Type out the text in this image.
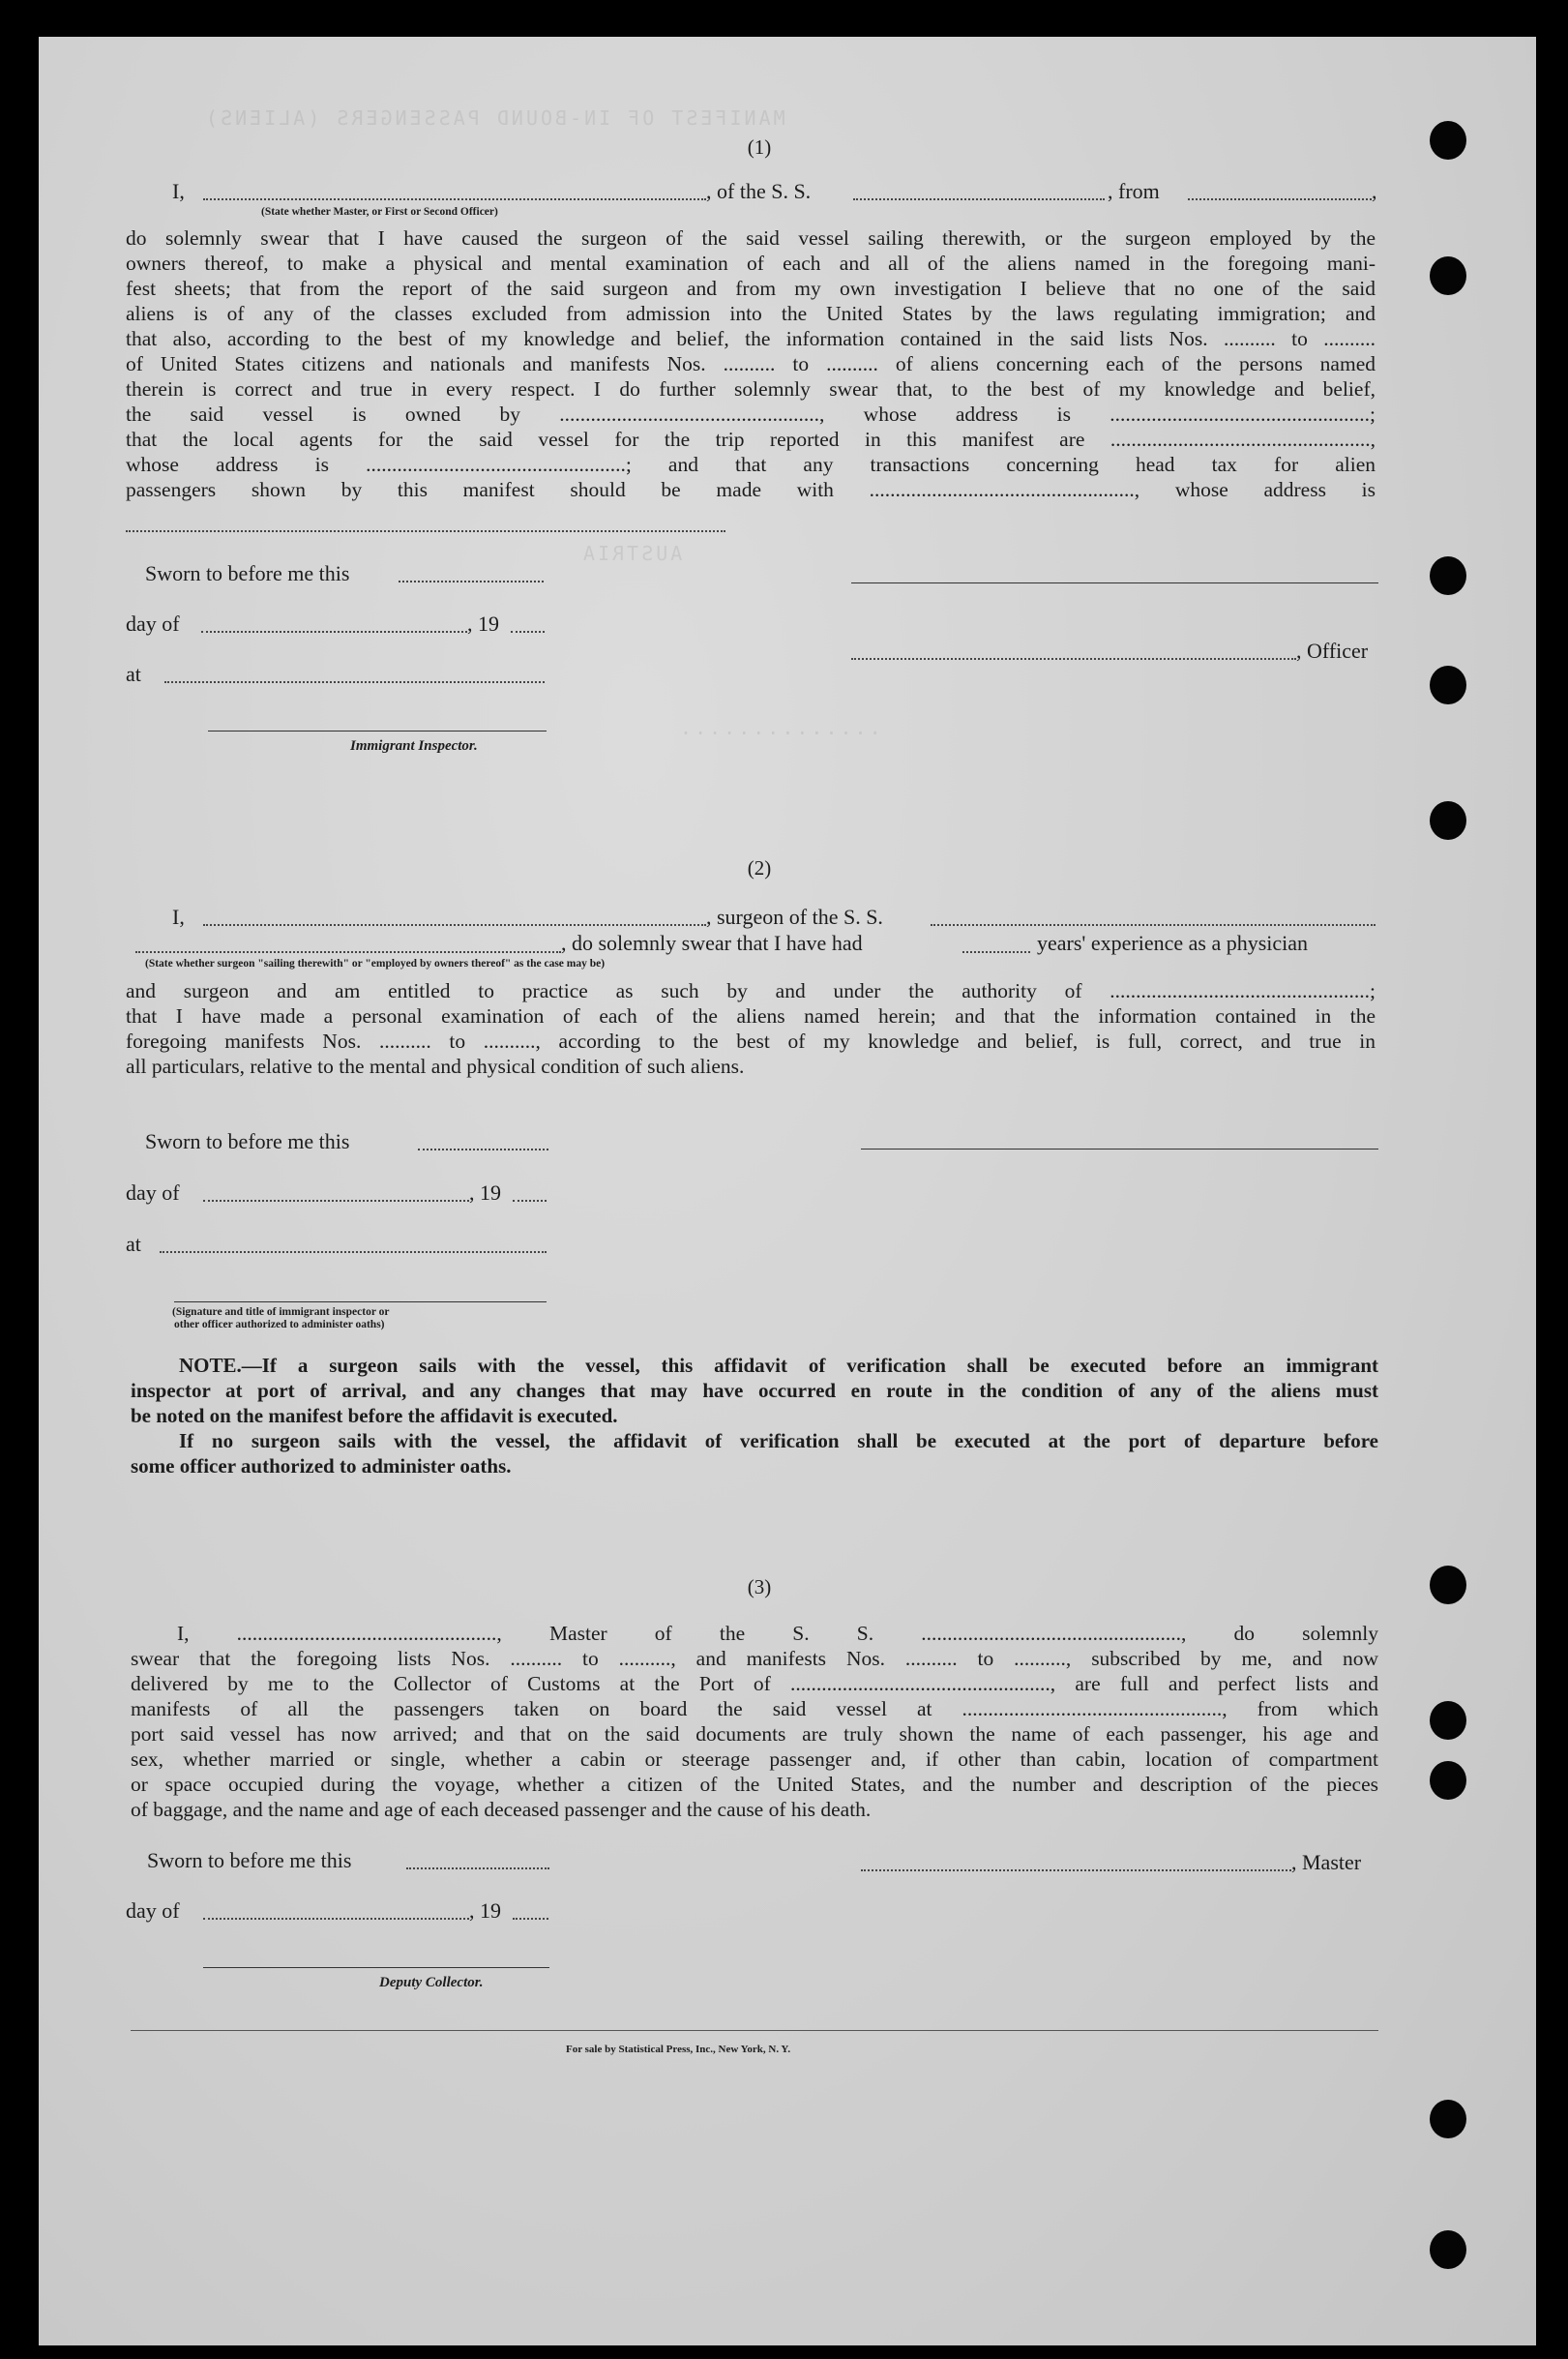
MANIFEST OF IN-BOUND PASSENGERS (ALIENS)
AUSTRIA
..............
(1)
I,	, of the S. S.	, from	,
(State whether Master, or First or Second Officer)
do solemnly swear that I have caused the surgeon of the said vessel sailing therewith, or the surgeon employed by the
owners thereof, to make a physical and mental examination of each and all of the aliens named in the foregoing mani-
fest sheets; that from the report of the said surgeon and from my own investigation I believe that no one of the said
aliens is of any of the classes excluded from admission into the United States by the laws regulating immigration; and
that also, according to the best of my knowledge and belief, the information contained in the said lists Nos. .......... to ..........
of United States citizens and nationals and manifests Nos. .......... to .......... of aliens concerning each of the persons named
therein is correct and true in every respect. I do further solemnly swear that, to the best of my knowledge and belief,
the said vessel is owned by .................................................., whose address is ..................................................;
that the local agents for the said vessel for the trip reported in this manifest are ..................................................,
whose address is ..................................................; and that any transactions concerning head tax for alien
passengers shown by this manifest should be made with ..................................................., whose address is
Sworn to before me this
day of	, 19
at
, Officer
Immigrant Inspector.
(2)
I,	, surgeon of the S. S.
, do solemnly swear that I have had	years' experience as a physician
(State whether surgeon "sailing therewith" or "employed by owners thereof" as the case may be)
and surgeon and am entitled to practice as such by and under the authority of ..................................................;
that I have made a personal examination of each of the aliens named herein; and that the information contained in the
foregoing manifests Nos. .......... to .........., according to the best of my knowledge and belief, is full, correct, and true in
all particulars, relative to the mental and physical condition of such aliens.
Sworn to before me this
day of	, 19
at
(Signature and title of immigrant inspector or
other officer authorized to administer oaths)
NOTE.—If a surgeon sails with the vessel, this affidavit of verification shall be executed before an immigrant
inspector at port of arrival, and any changes that may have occurred en route in the condition of any of the aliens must
be noted on the manifest before the affidavit is executed.
If no surgeon sails with the vessel, the affidavit of verification shall be executed at the port of departure before
some officer authorized to administer oaths.
(3)
I, .................................................., Master of the S. S. .................................................., do solemnly
swear that the foregoing lists Nos. .......... to .........., and manifests Nos. .......... to .........., subscribed by me, and now
delivered by me to the Collector of Customs at the Port of .................................................., are full and perfect lists and
manifests of all the passengers taken on board the said vessel at .................................................., from which
port said vessel has now arrived; and that on the said documents are truly shown the name of each passenger, his age and
sex, whether married or single, whether a cabin or steerage passenger and, if other than cabin, location of compartment
or space occupied during the voyage, whether a citizen of the United States, and the number and description of the pieces
of baggage, and the name and age of each deceased passenger and the cause of his death.
Sworn to before me this	, Master
day of	, 19
Deputy Collector.
For sale by Statistical Press, Inc., New York, N. Y.
